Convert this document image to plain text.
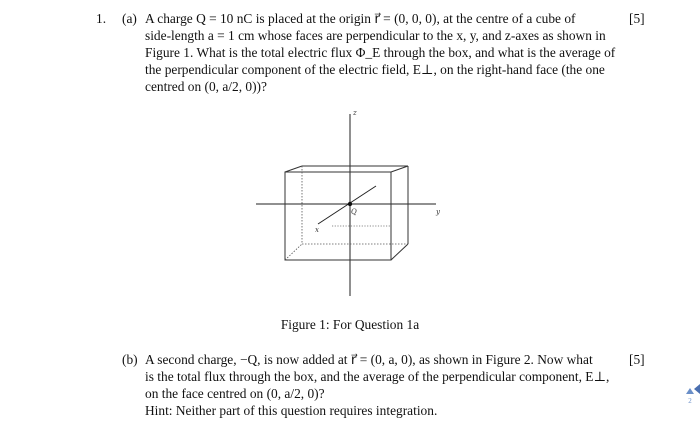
1. (a) A charge Q = 10 nC is placed at the origin r⃗ = (0, 0, 0), at the centre of a cube of
side-length a = 1 cm whose faces are perpendicular to the x, y, and z-axes as shown in
Figure 1. What is the total electric flux Φ_E through the box, and what is the average of
the perpendicular component of the electric field, E⊥, on the right-hand face (the one
centred on (0, a/2, 0))?
[5]
z
y
x
Q
Figure 1: For Question 1a
(b) A second charge, −Q, is now added at r⃗ = (0, a, 0), as shown in Figure 2. Now what
is the total flux through the box, and the average of the perpendicular component, E⊥,
on the face centred on (0, a/2, 0)?
Hint: Neither part of this question requires integration.
[5]
2
